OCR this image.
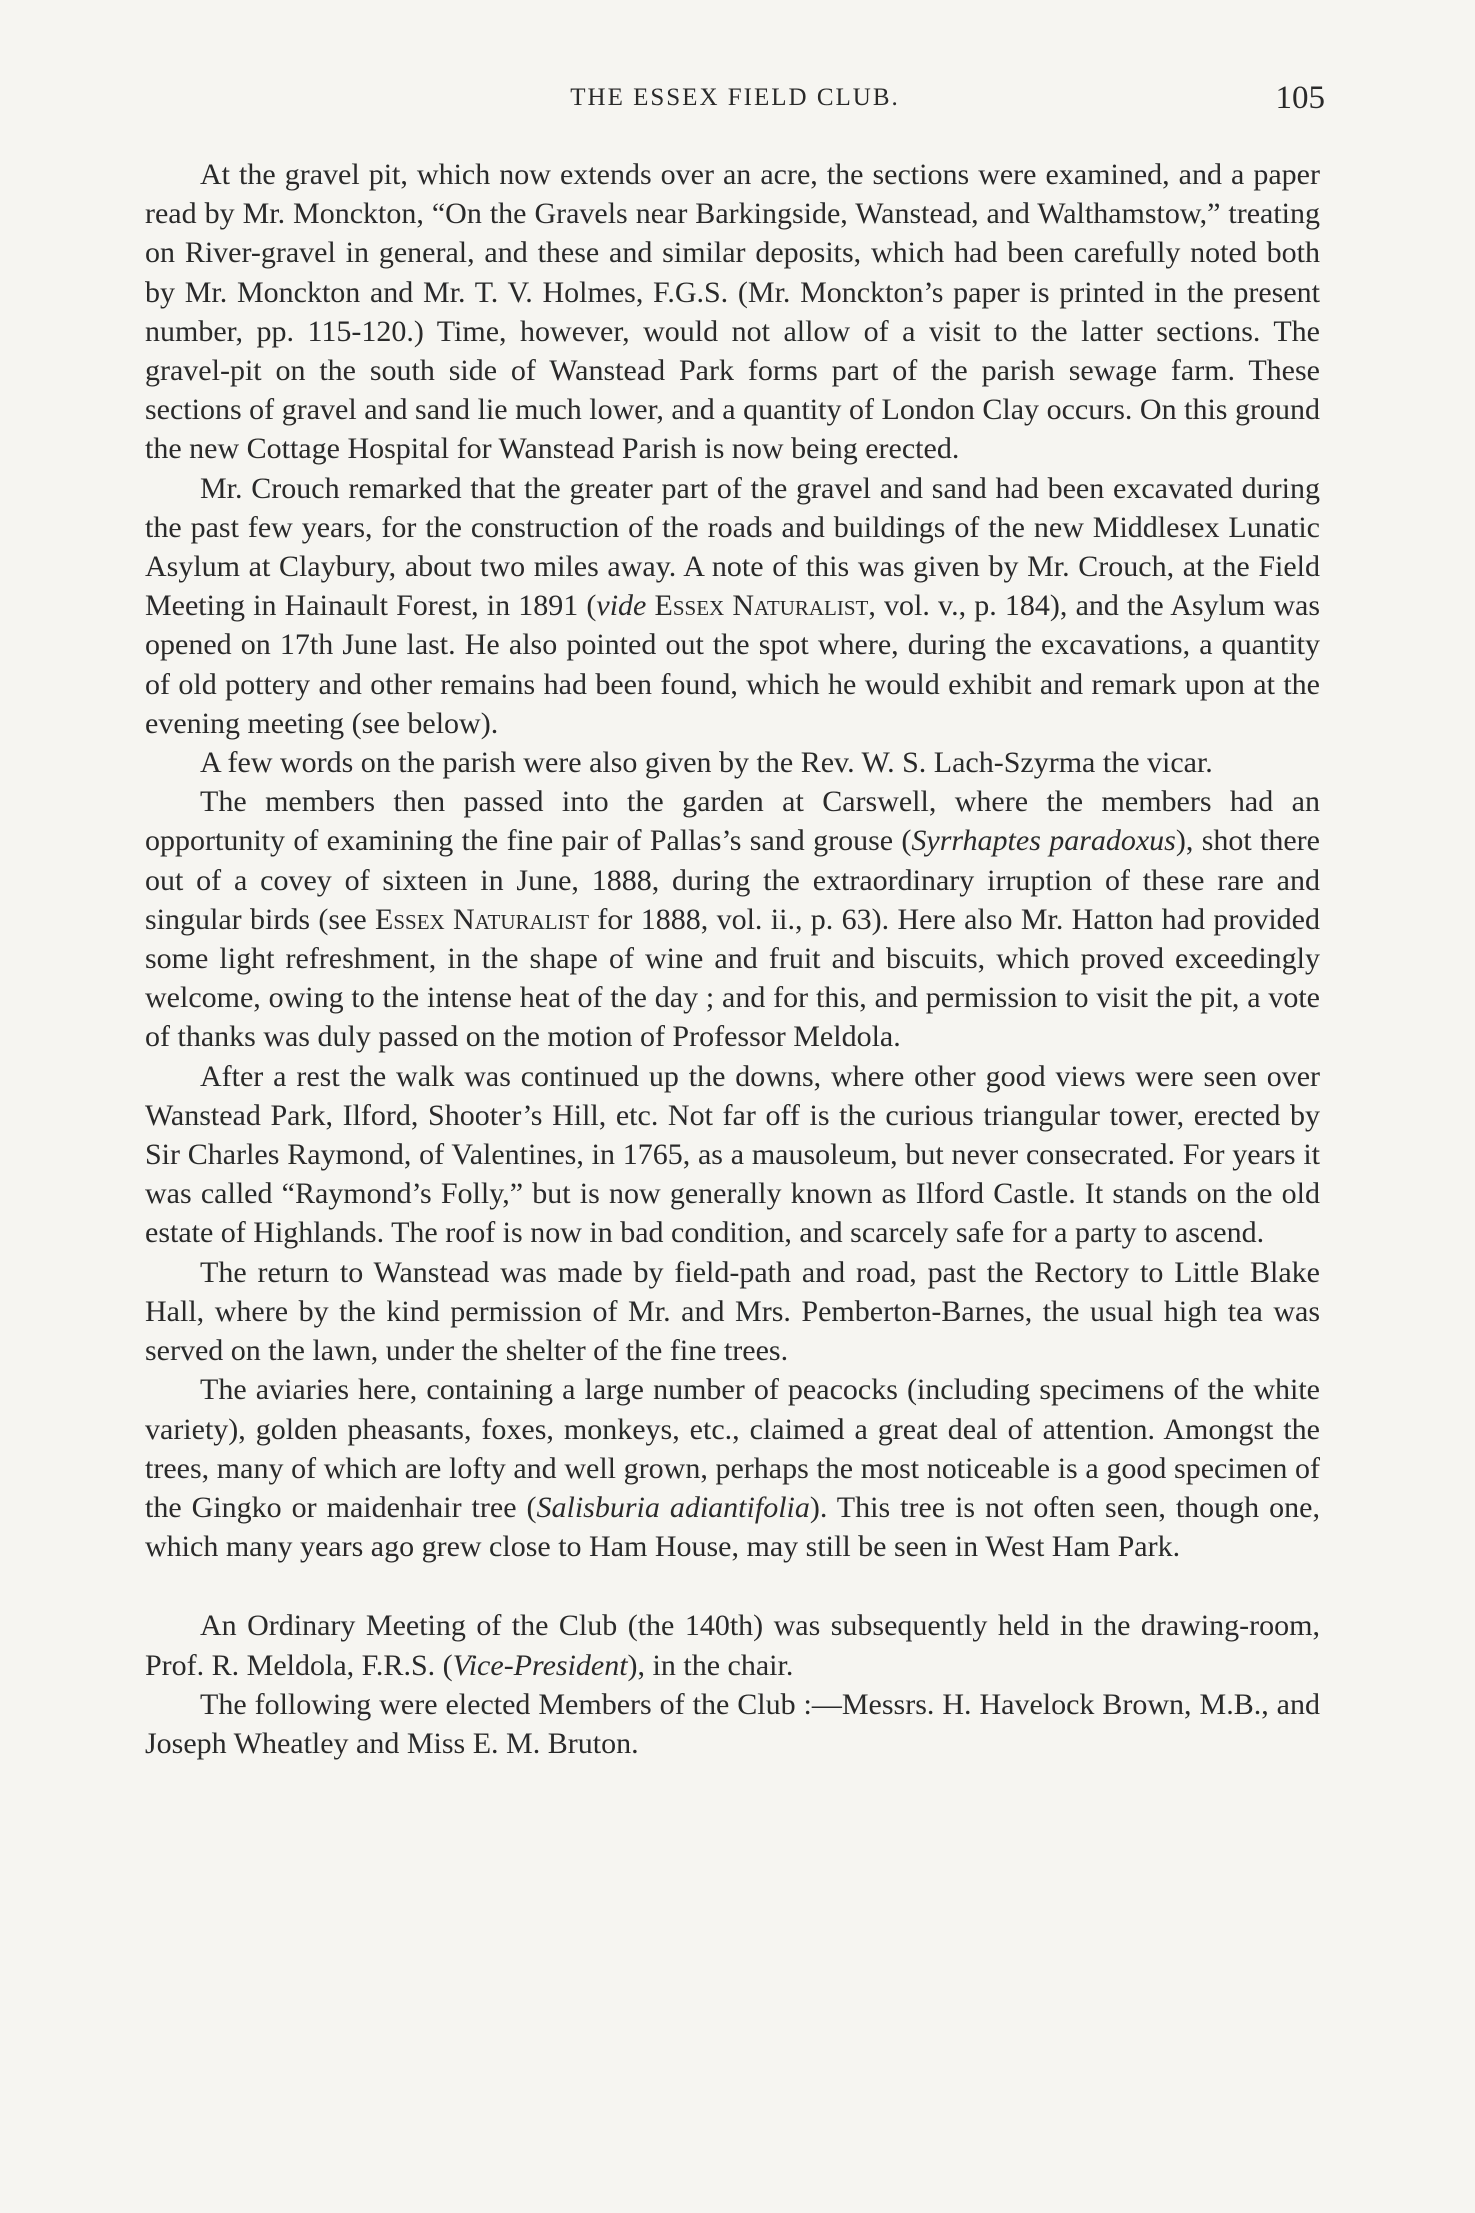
THE ESSEX FIELD CLUB.	105

At the gravel pit, which now extends over an acre, the sections were examined, and a paper read by Mr. Monckton, “On the Gravels near Barkingside, Wanstead, and Walthamstow,” treating on River-gravel in general, and these and similar deposits, which had been carefully noted both by Mr. Monckton and Mr. T. V. Holmes, F.G.S. (Mr. Monckton’s paper is printed in the present number, pp. 115-120.) Time, however, would not allow of a visit to the latter sections. The gravel-pit on the south side of Wanstead Park forms part of the parish sewage farm. These sections of gravel and sand lie much lower, and a quantity of London Clay occurs. On this ground the new Cottage Hospital for Wanstead Parish is now being erected.

Mr. Crouch remarked that the greater part of the gravel and sand had been excavated during the past few years, for the construction of the roads and buildings of the new Middlesex Lunatic Asylum at Claybury, about two miles away. A note of this was given by Mr. Crouch, at the Field Meeting in Hainault Forest, in 1891 (vide Essex Naturalist, vol. v., p. 184), and the Asylum was opened on 17th June last. He also pointed out the spot where, during the excavations, a quantity of old pottery and other remains had been found, which he would exhibit and remark upon at the evening meeting (see below).

A few words on the parish were also given by the Rev. W. S. Lach-Szyrma the vicar.

The members then passed into the garden at Carswell, where the members had an opportunity of examining the fine pair of Pallas’s sand grouse (Syrrhaptes paradoxus), shot there out of a covey of sixteen in June, 1888, during the extraordinary irruption of these rare and singular birds (see Essex Naturalist for 1888, vol. ii., p. 63). Here also Mr. Hatton had provided some light refreshment, in the shape of wine and fruit and biscuits, which proved exceedingly welcome, owing to the intense heat of the day ; and for this, and permission to visit the pit, a vote of thanks was duly passed on the motion of Professor Meldola.

After a rest the walk was continued up the downs, where other good views were seen over Wanstead Park, Ilford, Shooter’s Hill, etc. Not far off is the curious triangular tower, erected by Sir Charles Raymond, of Valentines, in 1765, as a mausoleum, but never consecrated. For years it was called “Raymond’s Folly,” but is now generally known as Ilford Castle. It stands on the old estate of Highlands. The roof is now in bad condition, and scarcely safe for a party to ascend.

The return to Wanstead was made by field-path and road, past the Rectory to Little Blake Hall, where by the kind permission of Mr. and Mrs. Pemberton-Barnes, the usual high tea was served on the lawn, under the shelter of the fine trees.

The aviaries here, containing a large number of peacocks (including specimens of the white variety), golden pheasants, foxes, monkeys, etc., claimed a great deal of attention. Amongst the trees, many of which are lofty and well grown, perhaps the most noticeable is a good specimen of the Gingko or maidenhair tree (Salisburia adiantifolia). This tree is not often seen, though one, which many years ago grew close to Ham House, may still be seen in West Ham Park.

An Ordinary Meeting of the Club (the 140th) was subsequently held in the drawing-room, Prof. R. Meldola, F.R.S. (Vice-President), in the chair.

The following were elected Members of the Club :—Messrs. H. Havelock Brown, M.B., and Joseph Wheatley and Miss E. M. Bruton.
